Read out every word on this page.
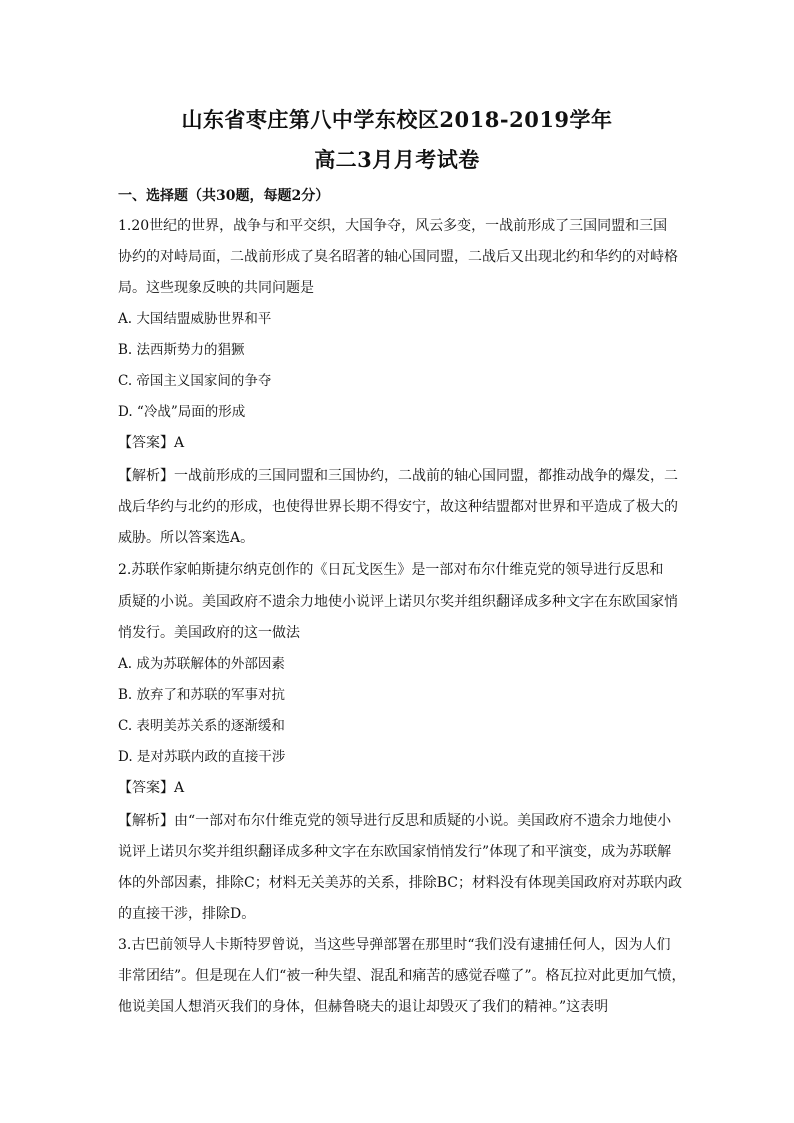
山东省枣庄第八中学东校区2018-2019学年
高二3月月考试卷
一、选择题（共30题，每题2分）
1.20世纪的世界，战争与和平交织，大国争夺，风云多变，一战前形成了三国同盟和三国
协约的对峙局面，二战前形成了臭名昭著的轴心国同盟，二战后又出现北约和华约的对峙格
局。这些现象反映的共同问题是
A. 大国结盟威胁世界和平
B. 法西斯势力的猖獗
C. 帝国主义国家间的争夺
D. “冷战”局面的形成
【答案】A
【解析】一战前形成的三国同盟和三国协约，二战前的轴心国同盟，都推动战争的爆发，二
战后华约与北约的形成，也使得世界长期不得安宁，故这种结盟都对世界和平造成了极大的
威胁。所以答案选A。
2.苏联作家帕斯捷尔纳克创作的《日瓦戈医生》是一部对布尔什维克党的领导进行反思和
质疑的小说。美国政府不遗余力地使小说评上诺贝尔奖并组织翻译成多种文字在东欧国家悄
悄发行。美国政府的这一做法
A. 成为苏联解体的外部因素
B. 放弃了和苏联的军事对抗
C. 表明美苏关系的逐渐缓和
D. 是对苏联内政的直接干涉
【答案】A
【解析】由“一部对布尔什维克党的领导进行反思和质疑的小说。美国政府不遗余力地使小
说评上诺贝尔奖并组织翻译成多种文字在东欧国家悄悄发行”体现了和平演变，成为苏联解
体的外部因素，排除C；材料无关美苏的关系，排除BC；材料没有体现美国政府对苏联内政
的直接干涉，排除D。
3.古巴前领导人卡斯特罗曾说，当这些导弹部署在那里时“我们没有逮捕任何人，因为人们
非常团结”。但是现在人们“被一种失望、混乱和痛苦的感觉吞噬了”。格瓦拉对此更加气愤，
他说美国人想消灭我们的身体，但赫鲁晓夫的退让却毁灭了我们的精神。”这表明
